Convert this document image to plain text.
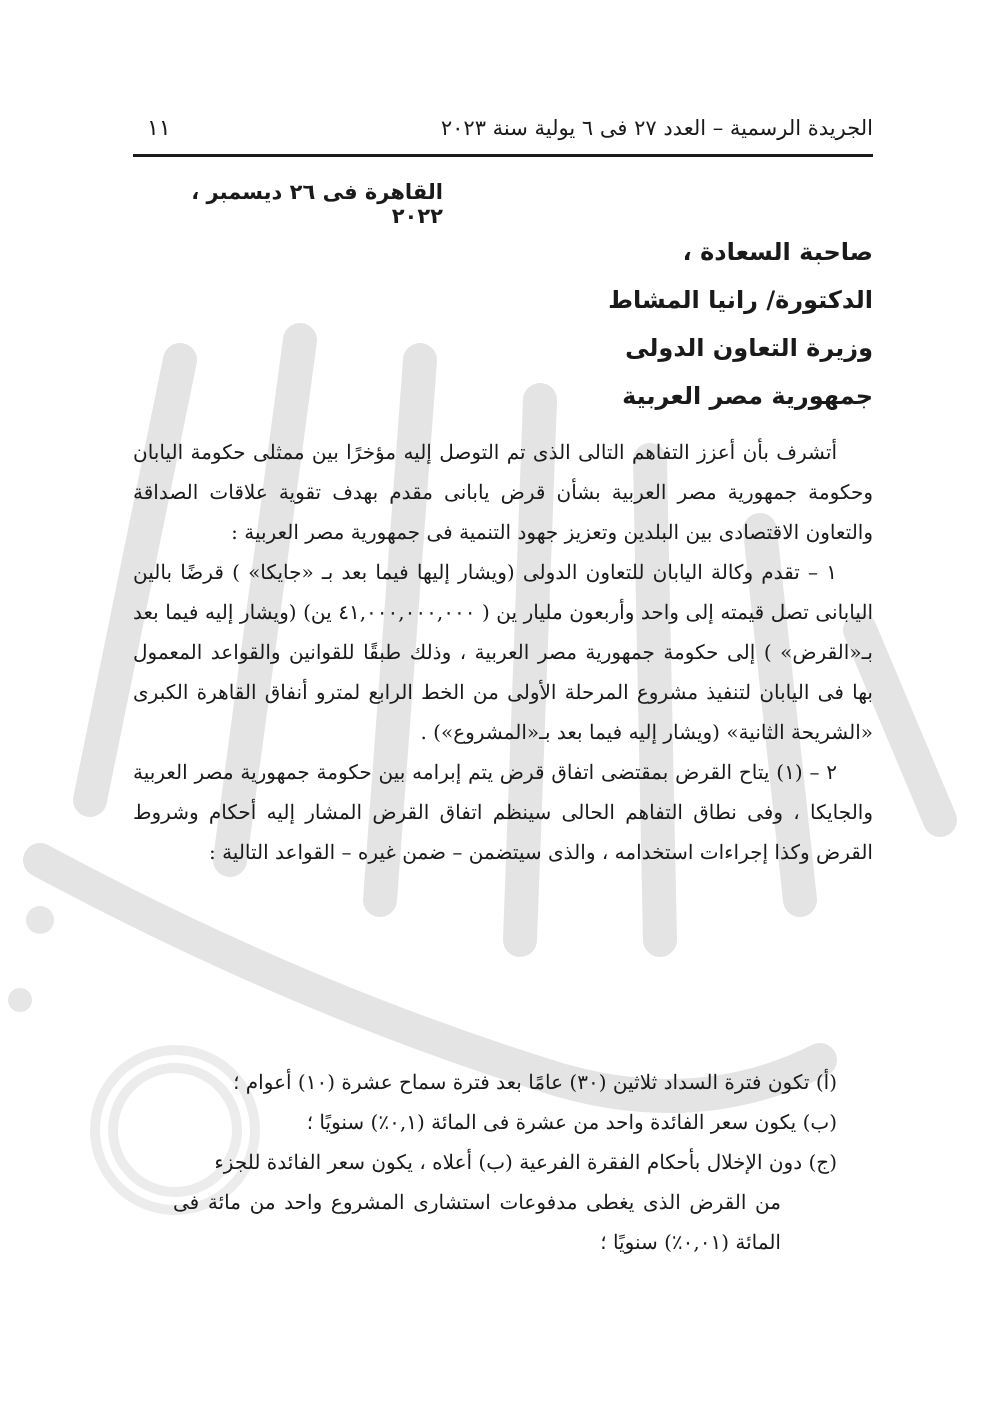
الجريدة الرسمية – العدد ٢٧ فى ٦ يولية سنة ٢٠٢٣
١١
القاهرة فى ٢٦ ديسمبر ، ٢٠٢٢
صاحبة السعادة ،
الدكتورة/ رانيا المشاط
وزيرة التعاون الدولى
جمهورية مصر العربية

أتشرف بأن أعزز التفاهم التالى الذى تم التوصل إليه مؤخرًا بين ممثلى حكومة اليابان وحكومة جمهورية مصر العربية بشأن قرض يابانى مقدم بهدف تقوية علاقات الصداقة والتعاون الاقتصادى بين البلدين وتعزيز جهود التنمية فى جمهورية مصر العربية :

١ – تقدم وكالة اليابان للتعاون الدولى (ويشار إليها فيما بعد بـ «جايكا» ) قرضًا بالين اليابانى تصل قيمته إلى واحد وأربعون مليار ين ( ٤١,٠٠٠,٠٠٠,٠٠٠ ين) (ويشار إليه فيما بعد بـ«القرض» ) إلى حكومة جمهورية مصر العربية ، وذلك طبقًا للقوانين والقواعد المعمول بها فى اليابان لتنفيذ مشروع المرحلة الأولى من الخط الرابع لمترو أنفاق القاهرة الكبرى «الشريحة الثانية» (ويشار إليه فيما بعد بـ«المشروع») .

٢ – (١) يتاح القرض بمقتضى اتفاق قرض يتم إبرامه بين حكومة جمهورية مصر العربية والجايكا ، وفى نطاق التفاهم الحالى سينظم اتفاق القرض المشار إليه أحكام وشروط القرض وكذا إجراءات استخدامه ، والذى سيتضمن – ضمن غيره – القواعد التالية :

(أ) تكون فترة السداد ثلاثين (٣٠) عامًا بعد فترة سماح عشرة (١٠) أعوام ؛

(ب) يكون سعر الفائدة واحد من عشرة فى المائة (٠,١٪) سنويًا ؛

(ج) دون الإخلال بأحكام الفقرة الفرعية (ب) أعلاه ، يكون سعر الفائدة للجزء

من القرض الذى يغطى مدفوعات استشارى المشروع واحد من مائة فى المائة (٠,٠١٪) سنويًا ؛
